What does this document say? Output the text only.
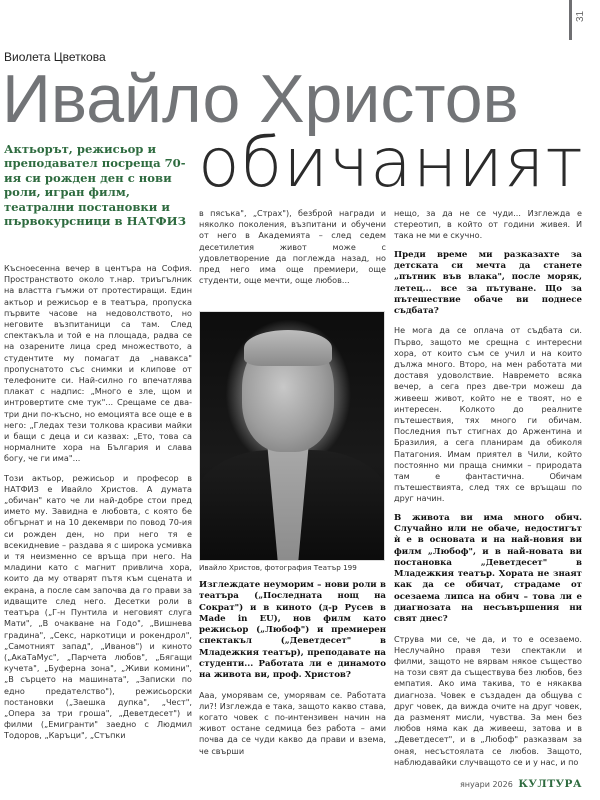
31
Виолета Цветкова
Ивайло Христов
обичаният
Актьорът, режисьор и преподавател посреща 70-ия си рожден ден с нови роли, игран филм, театрални постановки и първокурсници в НАТФИЗ

Късноесенна вечер в центъра на София. Пространството около т.нар. триъгълник на властта гъмжи от протестиращи. Един актьор и режисьор е в театъра, пропуска първите часове на недоволството, но неговите възпитаници са там. След спектакъла и той е на площада, радва се на озарените лица сред множеството, а студентите му помагат да „навакса" пропуснатото със снимки и клипове от телефоните си. Най-силно го впечатлява плакат с надпис: „Много е зле, щом и интровертите сме тук"... Срещаме се два-три дни по-късно, но емоцията все още е в него: „Гледах тези толкова красиви майки и бащи с деца и си казвах: „Ето, това са нормалните хора на България и слава богу, че ги има"...

Този актьор, режисьор и професор в НАТФИЗ е Ивайло Христов. А думата „обичан" като че ли най-добре стои пред името му. Завидна е любовта, с която бе обгърнат и на 10 декември по повод 70-ия си рожден ден, но при него тя е всекидневие – раздава я с широка усмивка и тя неизменно се връща при него. На младини като с магнит привлича хора, които да му отварят пътя към сцената и екрана, а после сам започва да го прави за идващите след него. Десетки роли в театъра („Г-н Пунтила и неговият слуга Мати", „В очакване на Годо", „Вишнева градина", „Секс, наркотици и рокендрол", „Самотният запад", „Иванов") и киното („АкаТаМус", „Парчета любов", „Бягащи кучета", „Буферна зона", „Живи комини", „В сърцето на машината", „Записки по едно предателство"), режисьорски постановки („Заешка дупка", „Чест", „Опера за три гроша", „Деветдесет") и филми („Емигранти" заедно с Людмил Тодоров, „Каръци", „Стъпки

в пясъка", „Страх"), безброй награди и няколко поколения, възпитани и обучени от него в Академията – след седем десетилетия живот може с удовлетворение да поглежда назад, но пред него има още премиери, още студенти, още мечти, още любов...

Ивайло Христов, фотография Театър 199

Изглеждате неуморим – нови роли в театъра („Последната нощ на Сократ") и в киното (д-р Русев в Made in EU), нов филм като режисьор („Любоф") и премиерен спектакъл („Деветдесет" в Младежкия театър), преподавате на студенти... Работата ли е динамото на живота ви, проф. Христов?

Ааа, уморявам се, уморявам се. Работата ли?! Изглежда е така, защото какво става, когато човек с по-интензивен начин на живот остане седмица без работа – ами почва да се чуди какво да прави и взема, че свърши

нещо, за да не се чуди... Изглежда е стереотип, в който от години живея. И така не ми е скучно.

Преди време ми разказахте за детската си мечта да станете „пътник във влака", после моряк, летец... все за пътуване. Що за пътешествие обаче ви поднесе съдбата?

Не мога да се оплача от съдбата си. Първо, защото ме срещна с интересни хора, от които съм се учил и на които дължа много. Второ, на мен работата ми доставя удоволствие. Навремето всяка вечер, а сега през две-три можеш да живееш живот, който не е твоят, но е интересен. Колкото до реалните пътешествия, тях много ги обичам. Последния път стигнах до Аржентина и Бразилия, а сега планирам да обиколя Патагония. Имам приятел в Чили, който постоянно ми праща снимки – природата там е фантастична. Обичам пътешествията, след тях се връщаш по друг начин.

В живота ви има много обич. Случайно или не обаче, недостигът ѝ е в основата и на най-новия ви филм „Любоф", и в най-новата ви постановка „Деветдесет" в Младежкия театър. Хората не знаят как да се обичат, страдаме от осезаема липса на обич – това ли е диагнозата на несъвършения ни свят днес?

Струва ми се, че да, и то е осезаемо. Неслучайно правя тези спектакли и филми, защото не вярвам някое същество на този свят да съществува без любов, без емпатия. Ако има такива, то е някаква диагноза. Човек е създаден да общува с друг човек, да вижда очите на друг човек, да разменят мисли, чувства. За мен без любов няма как да живееш, затова и в „Деветдесет", и в „Любоф" разказвам за оная, несъстоялата се любов. Защото, наблюдавайки случващото се и у нас, и по

януари 2026 КУЛТУРА
